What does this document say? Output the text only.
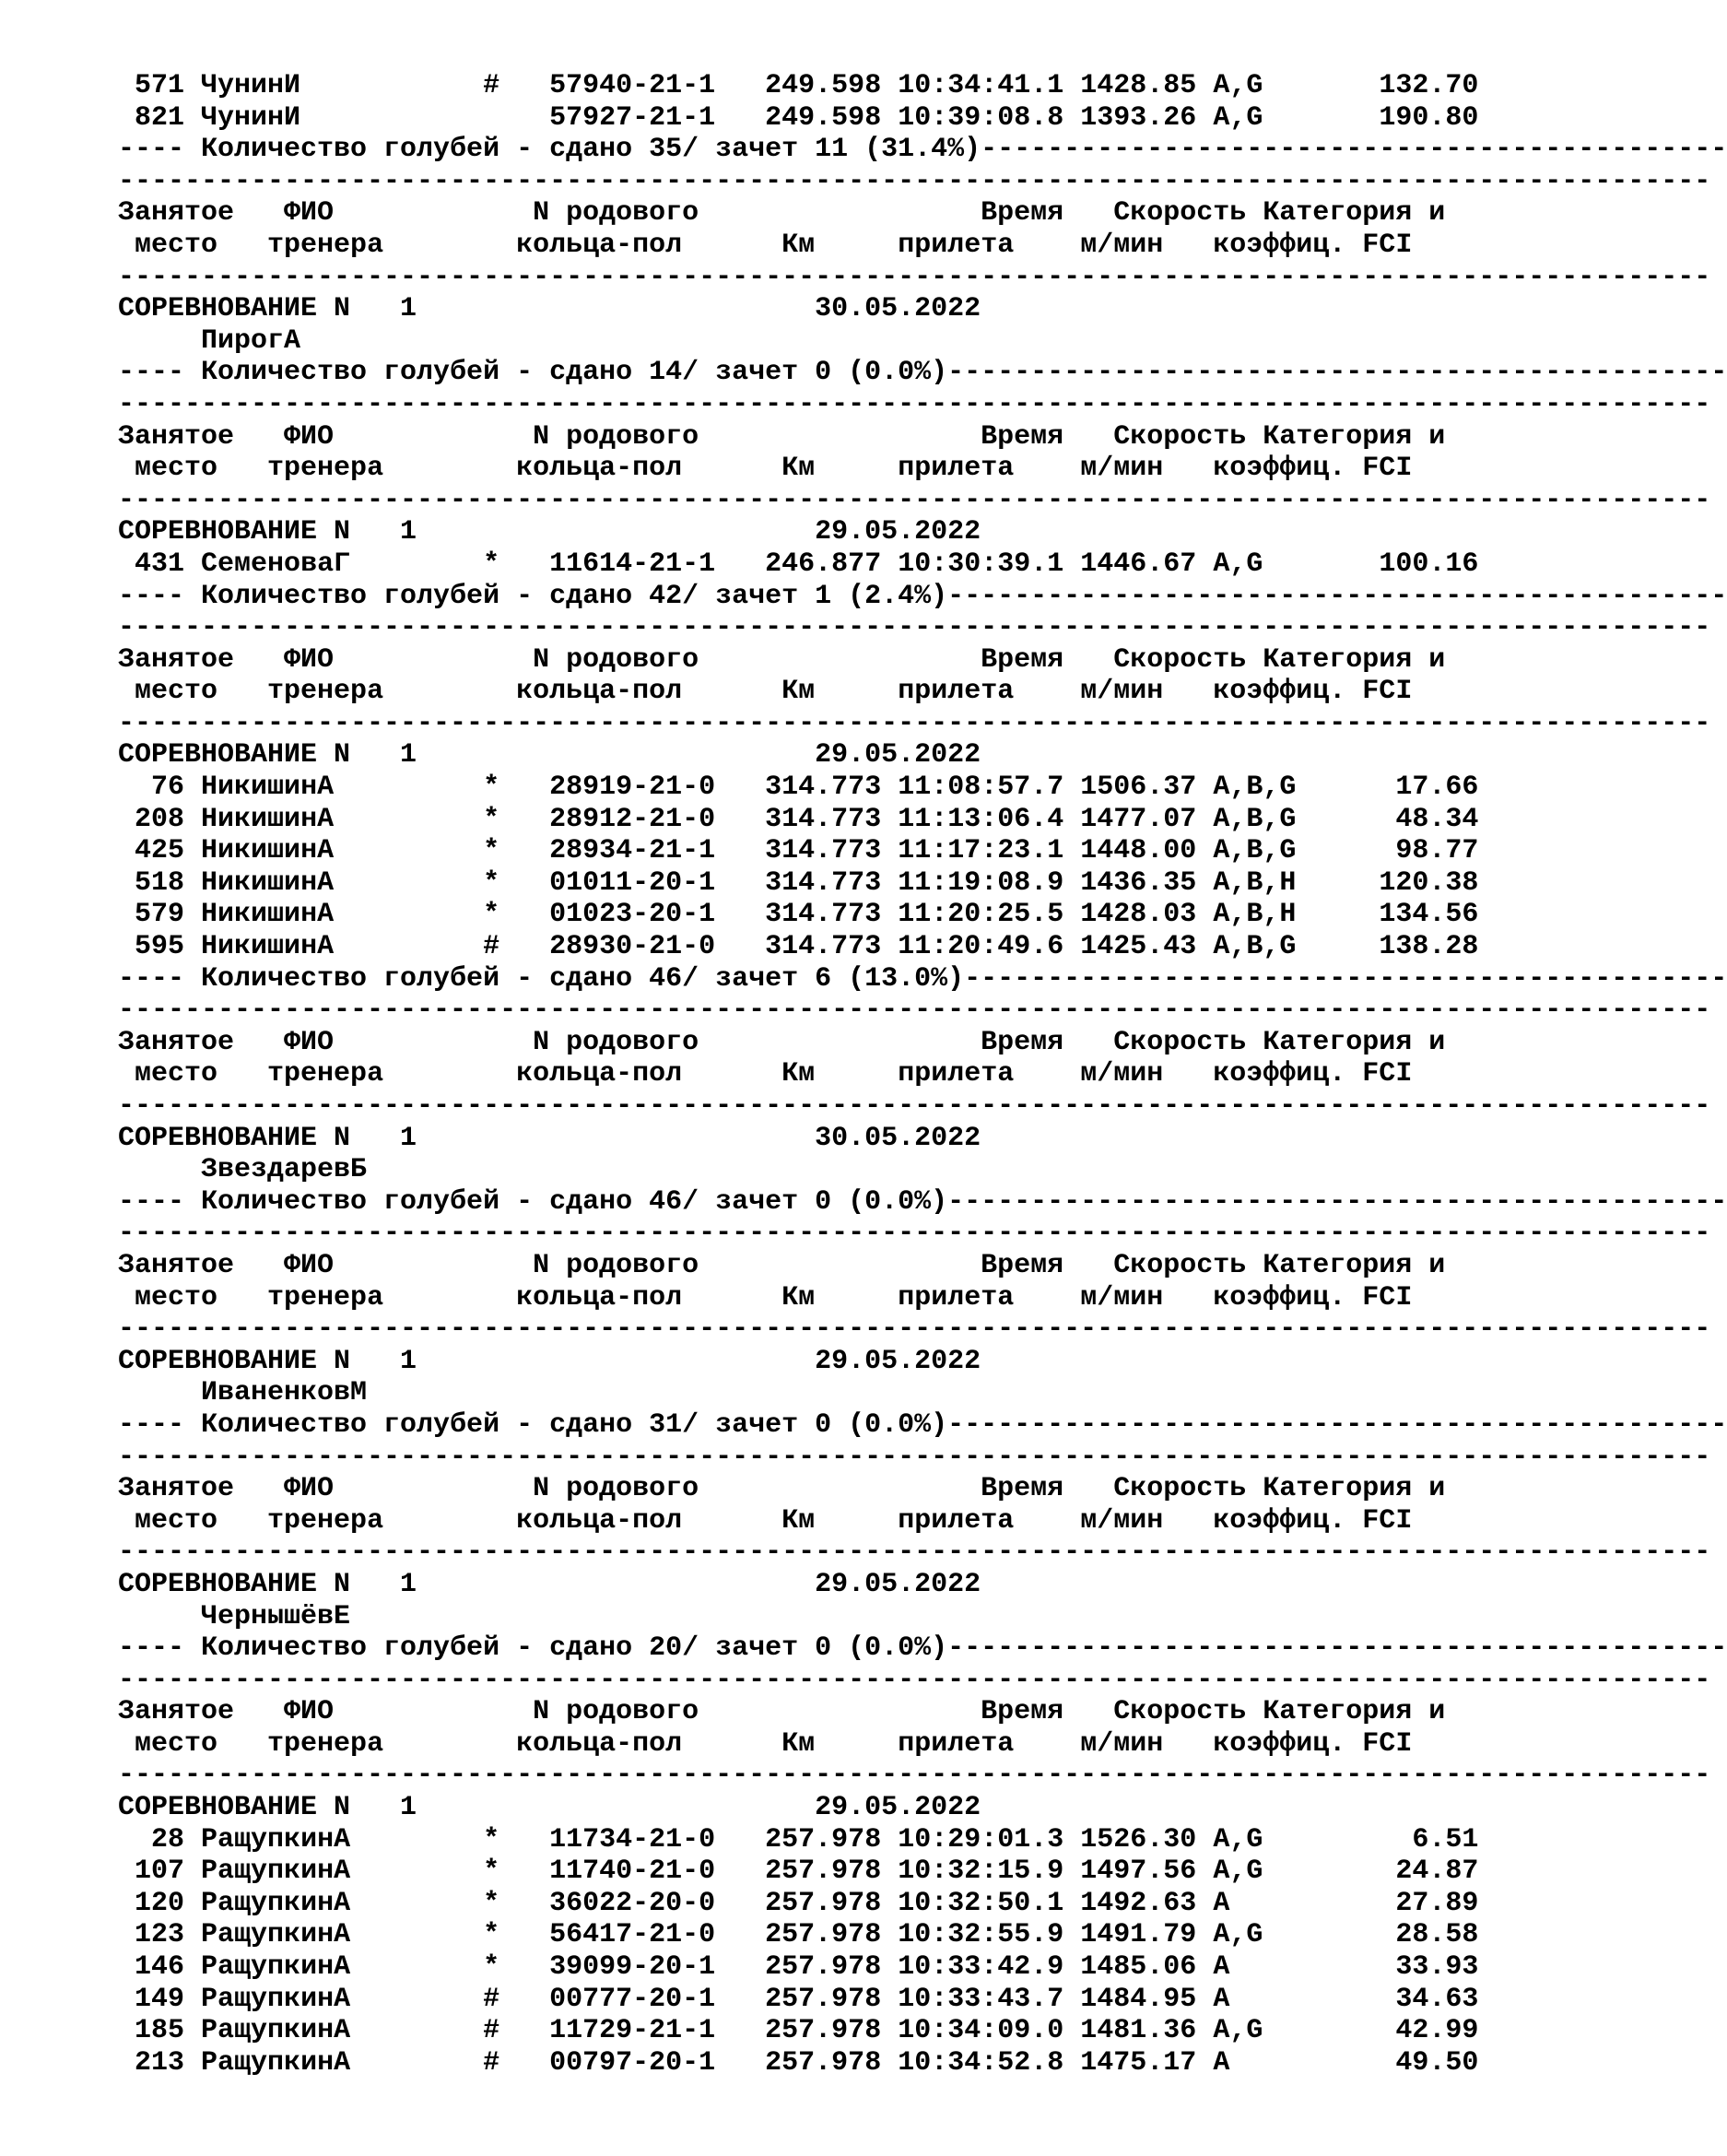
571 ЧунинИ           #   57940-21-1   249.598 10:34:41.1 1428.85 A,G       132.70
821 ЧунинИ               57927-21-1   249.598 10:39:08.8 1393.26 A,G       190.80
---- Количество голубей - сдано 35/ зачет 11 (31.4%)---------------------------------------------
------------------------------------------------------------------------------------------------
Занятое   ФИО            N родового                 Время Скорость Категория и
место тренера	кольца-пол	Км	прилета м/мин коэффиц. FCI
------------------------------------------------------------------------------------------------
СОРЕВНОВАНИЕ N   1                        30.05.2022
ПирогА
---- Количество голубей - сдано 14/ зачет 0 (0.0%)-----------------------------------------------
------------------------------------------------------------------------------------------------
Занятое   ФИО            N родового                 Время Скорость Категория и
место тренера	кольца-пол	Км	прилета м/мин коэффиц. FCI
------------------------------------------------------------------------------------------------
СОРЕВНОВАНИЕ N   1                        29.05.2022
431 СеменоваГ        *   11614-21-1   246.877 10:30:39.1 1446.67 A,G       100.16
---- Количество голубей - сдано 42/ зачет 1 (2.4%)-----------------------------------------------
------------------------------------------------------------------------------------------------
Занятое   ФИО            N родового                 Время Скорость Категория и
место тренера	кольца-пол	Км	прилета м/мин коэффиц. FCI
------------------------------------------------------------------------------------------------
СОРЕВНОВАНИЕ N   1                        29.05.2022
76 НикишинА         *   28919-21-0   314.773 11:08:57.7 1506.37 A,B,G      17.66
208 НикишинА         *   28912-21-0   314.773 11:13:06.4 1477.07 A,B,G      48.34
425 НикишинА         *   28934-21-1   314.773 11:17:23.1 1448.00 A,B,G      98.77
518 НикишинА         *   01011-20-1   314.773 11:19:08.9 1436.35 A,B,H     120.38
579 НикишинА         *   01023-20-1   314.773 11:20:25.5 1428.03 A,B,H     134.56
595 НикишинА         #   28930-21-0   314.773 11:20:49.6 1425.43 A,B,G     138.28
---- Количество голубей - сдано 46/ зачет 6 (13.0%)----------------------------------------------
------------------------------------------------------------------------------------------------
Занятое   ФИО            N родового                 Время Скорость Категория и
место тренера	кольца-пол	Км	прилета м/мин коэффиц. FCI
------------------------------------------------------------------------------------------------
СОРЕВНОВАНИЕ N   1                        30.05.2022
ЗвездаревБ
---- Количество голубей - сдано 46/ зачет 0 (0.0%)-----------------------------------------------
------------------------------------------------------------------------------------------------
Занятое   ФИО            N родового                 Время Скорость Категория и
место тренера	кольца-пол	Км	прилета м/мин коэффиц. FCI
------------------------------------------------------------------------------------------------
СОРЕВНОВАНИЕ N   1                        29.05.2022
ИваненковМ
---- Количество голубей - сдано 31/ зачет 0 (0.0%)-----------------------------------------------
------------------------------------------------------------------------------------------------
Занятое   ФИО            N родового                 Время Скорость Категория и
место тренера	кольца-пол	Км	прилета м/мин коэффиц. FCI
------------------------------------------------------------------------------------------------
СОРЕВНОВАНИЕ N   1                        29.05.2022
ЧернышёвЕ
---- Количество голубей - сдано 20/ зачет 0 (0.0%)-----------------------------------------------
------------------------------------------------------------------------------------------------
Занятое   ФИО            N родового                 Время Скорость Категория и
место тренера	кольца-пол	Км	прилета м/мин коэффиц. FCI
------------------------------------------------------------------------------------------------
СОРЕВНОВАНИЕ N   1                        29.05.2022
28 РащупкинА        *   11734-21-0   257.978 10:29:01.3 1526.30 A,G         6.51
107 РащупкинА        *   11740-21-0   257.978 10:32:15.9 1497.56 A,G        24.87
120 РащупкинА        *   36022-20-0   257.978 10:32:50.1 1492.63 A          27.89
123 РащупкинА        *   56417-21-0   257.978 10:32:55.9 1491.79 A,G        28.58
146 РащупкинА        *   39099-20-1   257.978 10:33:42.9 1485.06 A          33.93
149 РащупкинА        #   00777-20-1   257.978 10:33:43.7 1484.95 A          34.63
185 РащупкинА        #   11729-21-1   257.978 10:34:09.0 1481.36 A,G        42.99
213 РащупкинА        #   00797-20-1   257.978 10:34:52.8 1475.17 A          49.50
